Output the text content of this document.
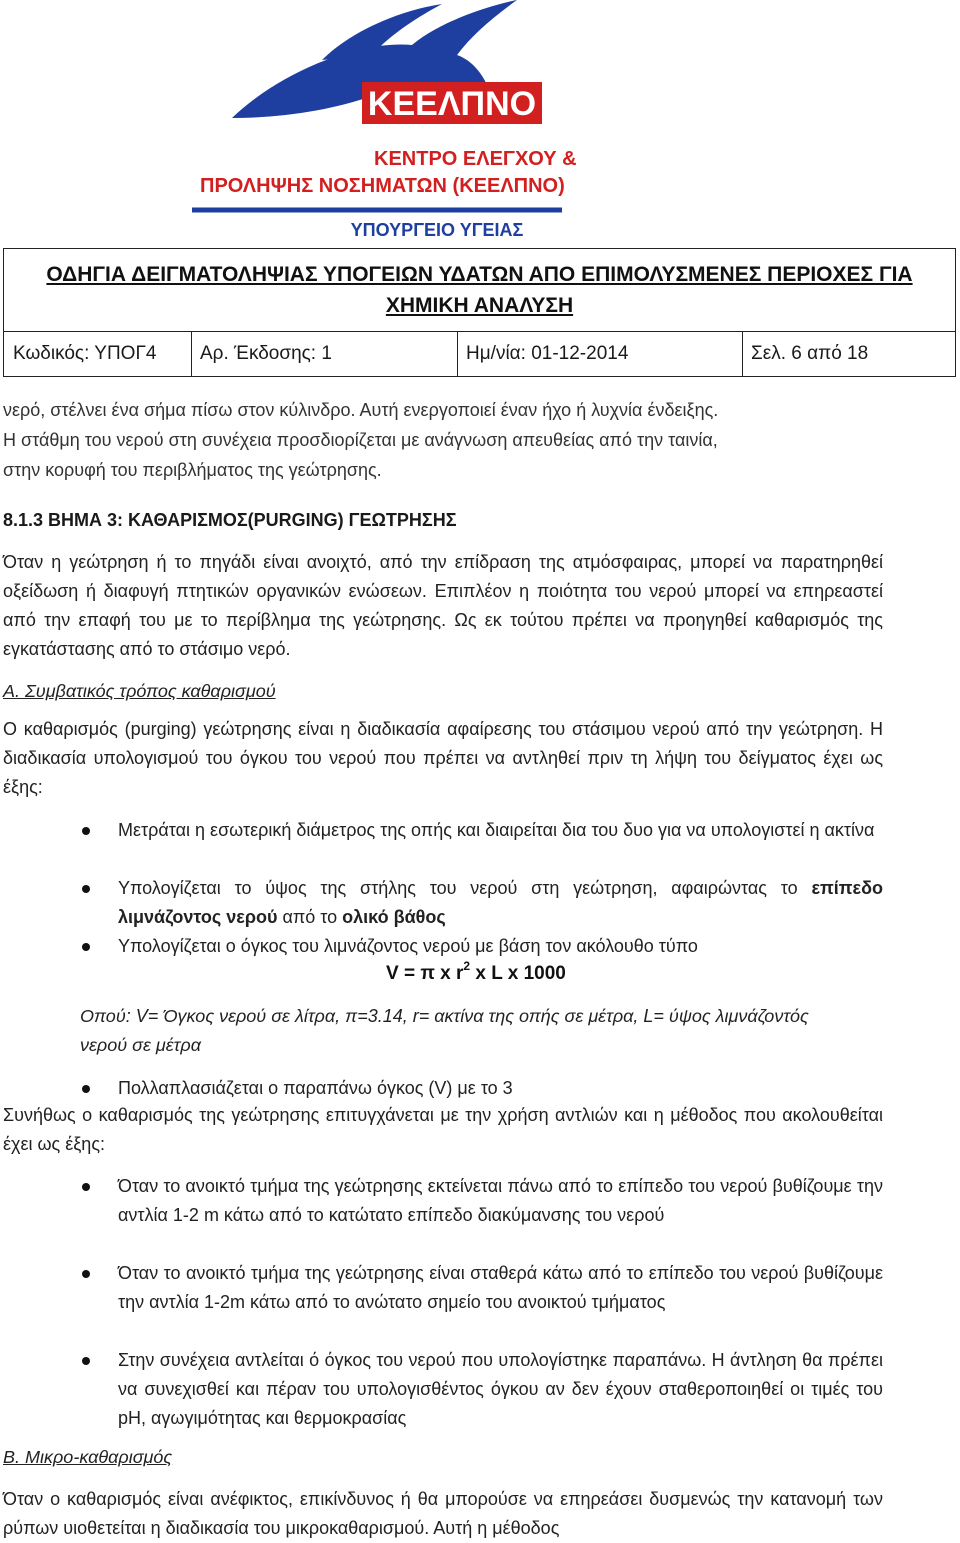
ΚΕΕΛΠΝΟ
ΚΕΝΤΡΟ ΕΛΕΓΧΟΥ &
ΠΡΟΛΗΨΗΣ ΝΟΣΗΜΑΤΩΝ (ΚΕΕΛΠΝΟ)
ΥΠΟΥΡΓΕΙΟ ΥΓΕΙΑΣ
ΟΔΗΓΙΑ ΔΕΙΓΜΑΤΟΛΗΨΙΑΣ ΥΠΟΓΕΙΩΝ ΥΔΑΤΩΝ ΑΠΟ ΕΠΙΜΟΛΥΣΜΕΝΕΣ ΠΕΡΙΟΧΕΣ ΓΙΑ
ΧΗΜΙΚΗ ΑΝΑΛΥΣΗ
Κωδικός: ΥΠΟΓ4	Αρ. Έκδοσης: 1	Ημ/νία: 01-12-2014	Σελ. 6 από 18
νερό, στέλνει ένα σήμα πίσω στον κύλινδρο. Αυτή ενεργοποιεί έναν ήχο ή λυχνία ένδειξης.
Η στάθμη του νερού στη συνέχεια προσδιορίζεται με ανάγνωση απευθείας από την ταινία,
στην κορυφή του περιβλήματος της γεώτρησης.
8.1.3 ΒΗΜΑ 3: ΚΑΘΑΡΙΣΜΟΣ(PURGING) ΓΕΩΤΡΗΣΗΣ
Όταν η γεώτρηση ή το πηγάδι είναι ανοιχτό, από την επίδραση της ατμόσφαιρας, μπορεί να παρατηρηθεί οξείδωση ή διαφυγή πτητικών οργανικών ενώσεων. Επιπλέον η ποιότητα του νερού μπορεί να επηρεαστεί από την επαφή του με το περίβλημα της γεώτρησης. Ως εκ τούτου πρέπει να προηγηθεί καθαρισμός της εγκατάστασης από το στάσιμο νερό.
Α. Συμβατικός τρόπος καθαρισμού
Ο καθαρισμός (purging) γεώτρησης είναι η διαδικασία αφαίρεσης του στάσιμου νερού από την γεώτρηση. Η διαδικασία υπολογισμού του όγκου του νερού που πρέπει να αντληθεί πριν τη λήψη του δείγματος έχει ως έξης:
Μετράται η εσωτερική διάμετρος της οπής και διαιρείται δια του δυο για να υπολογιστεί η ακτίνα
Υπολογίζεται το ύψος της στήλης του νερού στη γεώτρηση, αφαιρώντας το επίπεδο λιμνάζοντος νερού από το ολικό βάθος
Υπολογίζεται ο όγκος του λιμνάζοντος νερού με βάση τον ακόλουθο τύπο
V = π x $r^2$ x L x 1000
Οπού: V= Όγκος νερού σε λίτρα, π=3.14, r= ακτίνα της οπής σε μέτρα, L= ύψος λιμνάζοντός νερού σε μέτρα
Πολλαπλασιάζεται ο παραπάνω όγκος (V) με το 3
Συνήθως ο καθαρισμός της γεώτρησης επιτυγχάνεται με την χρήση αντλιών και η μέθοδος που ακολουθείται έχει ως έξης:
Όταν το ανοικτό τμήμα της γεώτρησης εκτείνεται πάνω από το επίπεδο του νερού βυθίζουμε την αντλία 1-2 m κάτω από το κατώτατο επίπεδο διακύμανσης του νερού
Όταν το ανοικτό τμήμα της γεώτρησης είναι σταθερά κάτω από το επίπεδο του νερού βυθίζουμε την αντλία 1-2m κάτω από το ανώτατο σημείο του ανοικτού τμήματος
Στην συνέχεια αντλείται ό όγκος του νερού που υπολογίστηκε παραπάνω. Η άντληση θα πρέπει να συνεχισθεί και πέραν του υπολογισθέντος όγκου αν δεν έχουν σταθεροποιηθεί οι τιμές του pH, αγωγιμότητας και θερμοκρασίας
Β. Μικρο-καθαρισμός
Όταν ο καθαρισμός είναι ανέφικτος, επικίνδυνος ή θα μπορούσε να επηρεάσει δυσμενώς την κατανομή των ρύπων υιοθετείται η διαδικασία του μικροκαθαρισμού. Αυτή η μέθοδος
